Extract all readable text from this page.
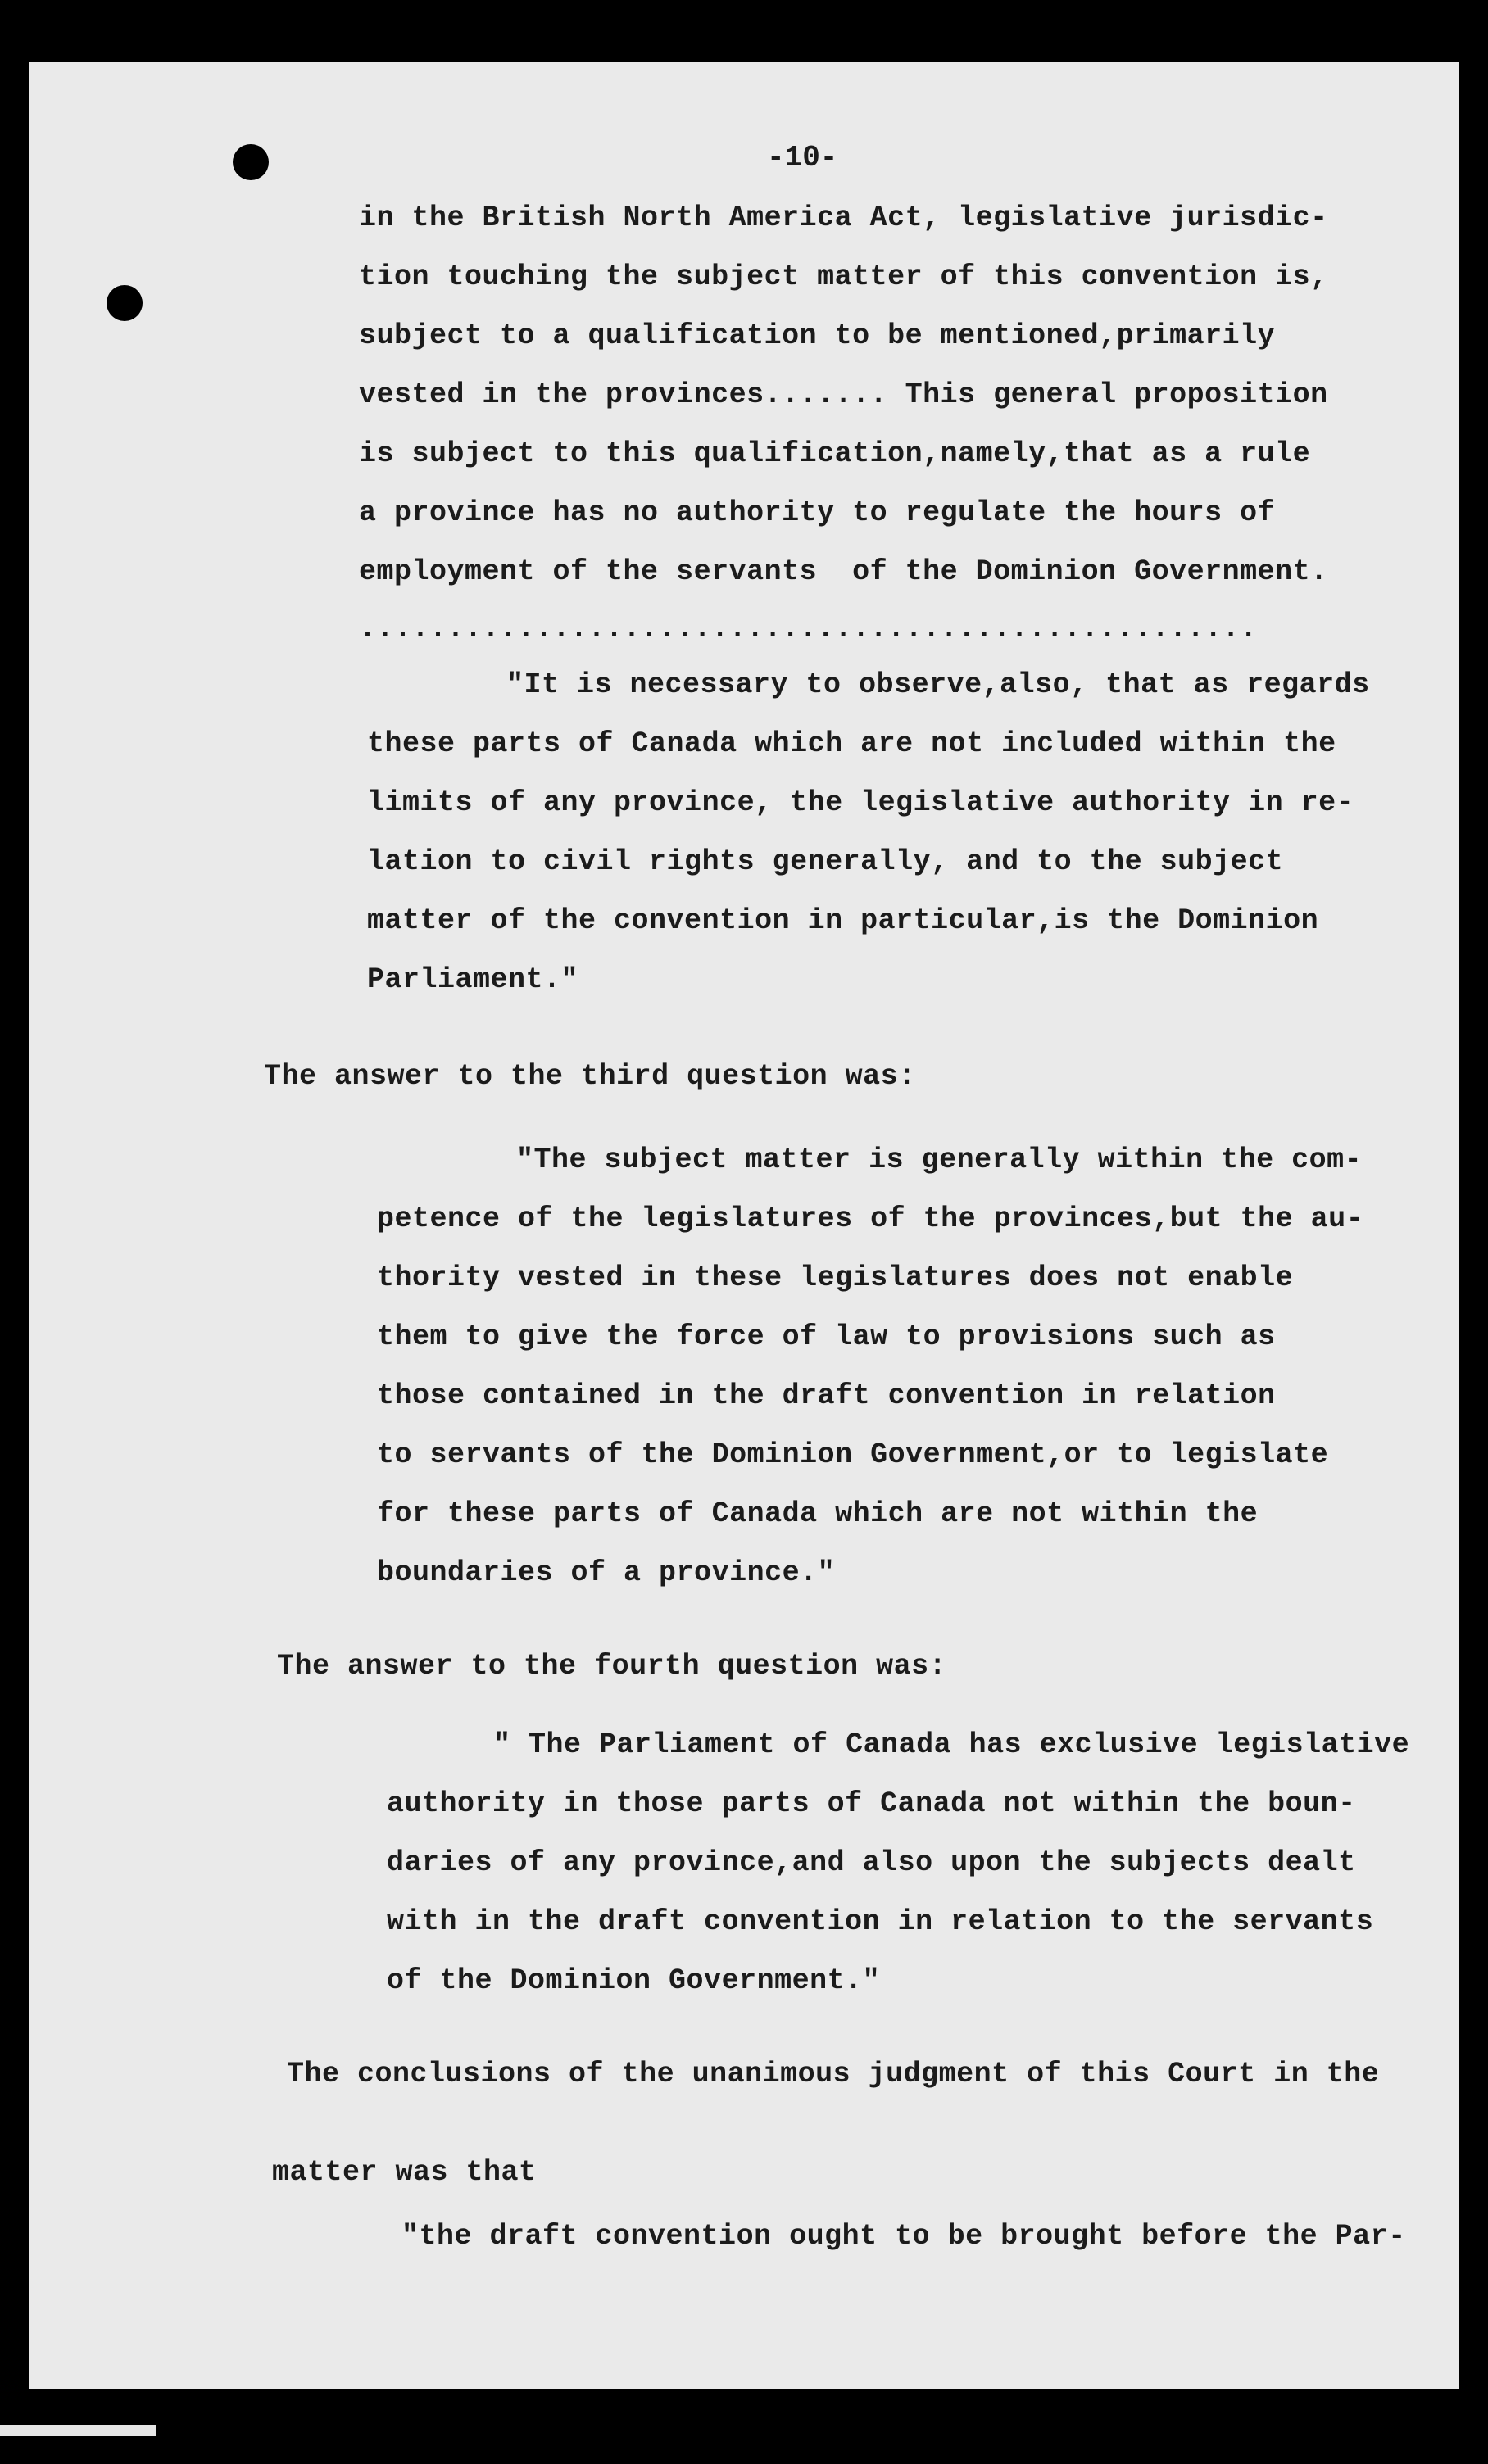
-10-
in the British North America Act, legislative jurisdic-
tion touching the subject matter of this convention is,
subject to a qualification to be mentioned,primarily
vested in the provinces....... This general proposition
is subject to this qualification,namely,that as a rule
a province has no authority to regulate the hours of
employment of the servants  of the Dominion Government.
...................................................
"It is necessary to observe,also, that as regards
these parts of Canada which are not included within the
limits of any province, the legislative authority in re-
lation to civil rights generally, and to the subject
matter of the convention in particular,is the Dominion
Parliament."
The answer to the third question was:
"The subject matter is generally within the com-
petence of the legislatures of the provinces,but the au-
thority vested in these legislatures does not enable
them to give the force of law to provisions such as
those contained in the draft convention in relation
to servants of the Dominion Government,or to legislate
for these parts of Canada which are not within the
boundaries of a province."
The answer to the fourth question was:
" The Parliament of Canada has exclusive legislative
authority in those parts of Canada not within the boun-
daries of any province,and also upon the subjects dealt
with in the draft convention in relation to the servants
of the Dominion Government."
The conclusions of the unanimous judgment of this Court in the
matter was that
"the draft convention ought to be brought before the Par-
